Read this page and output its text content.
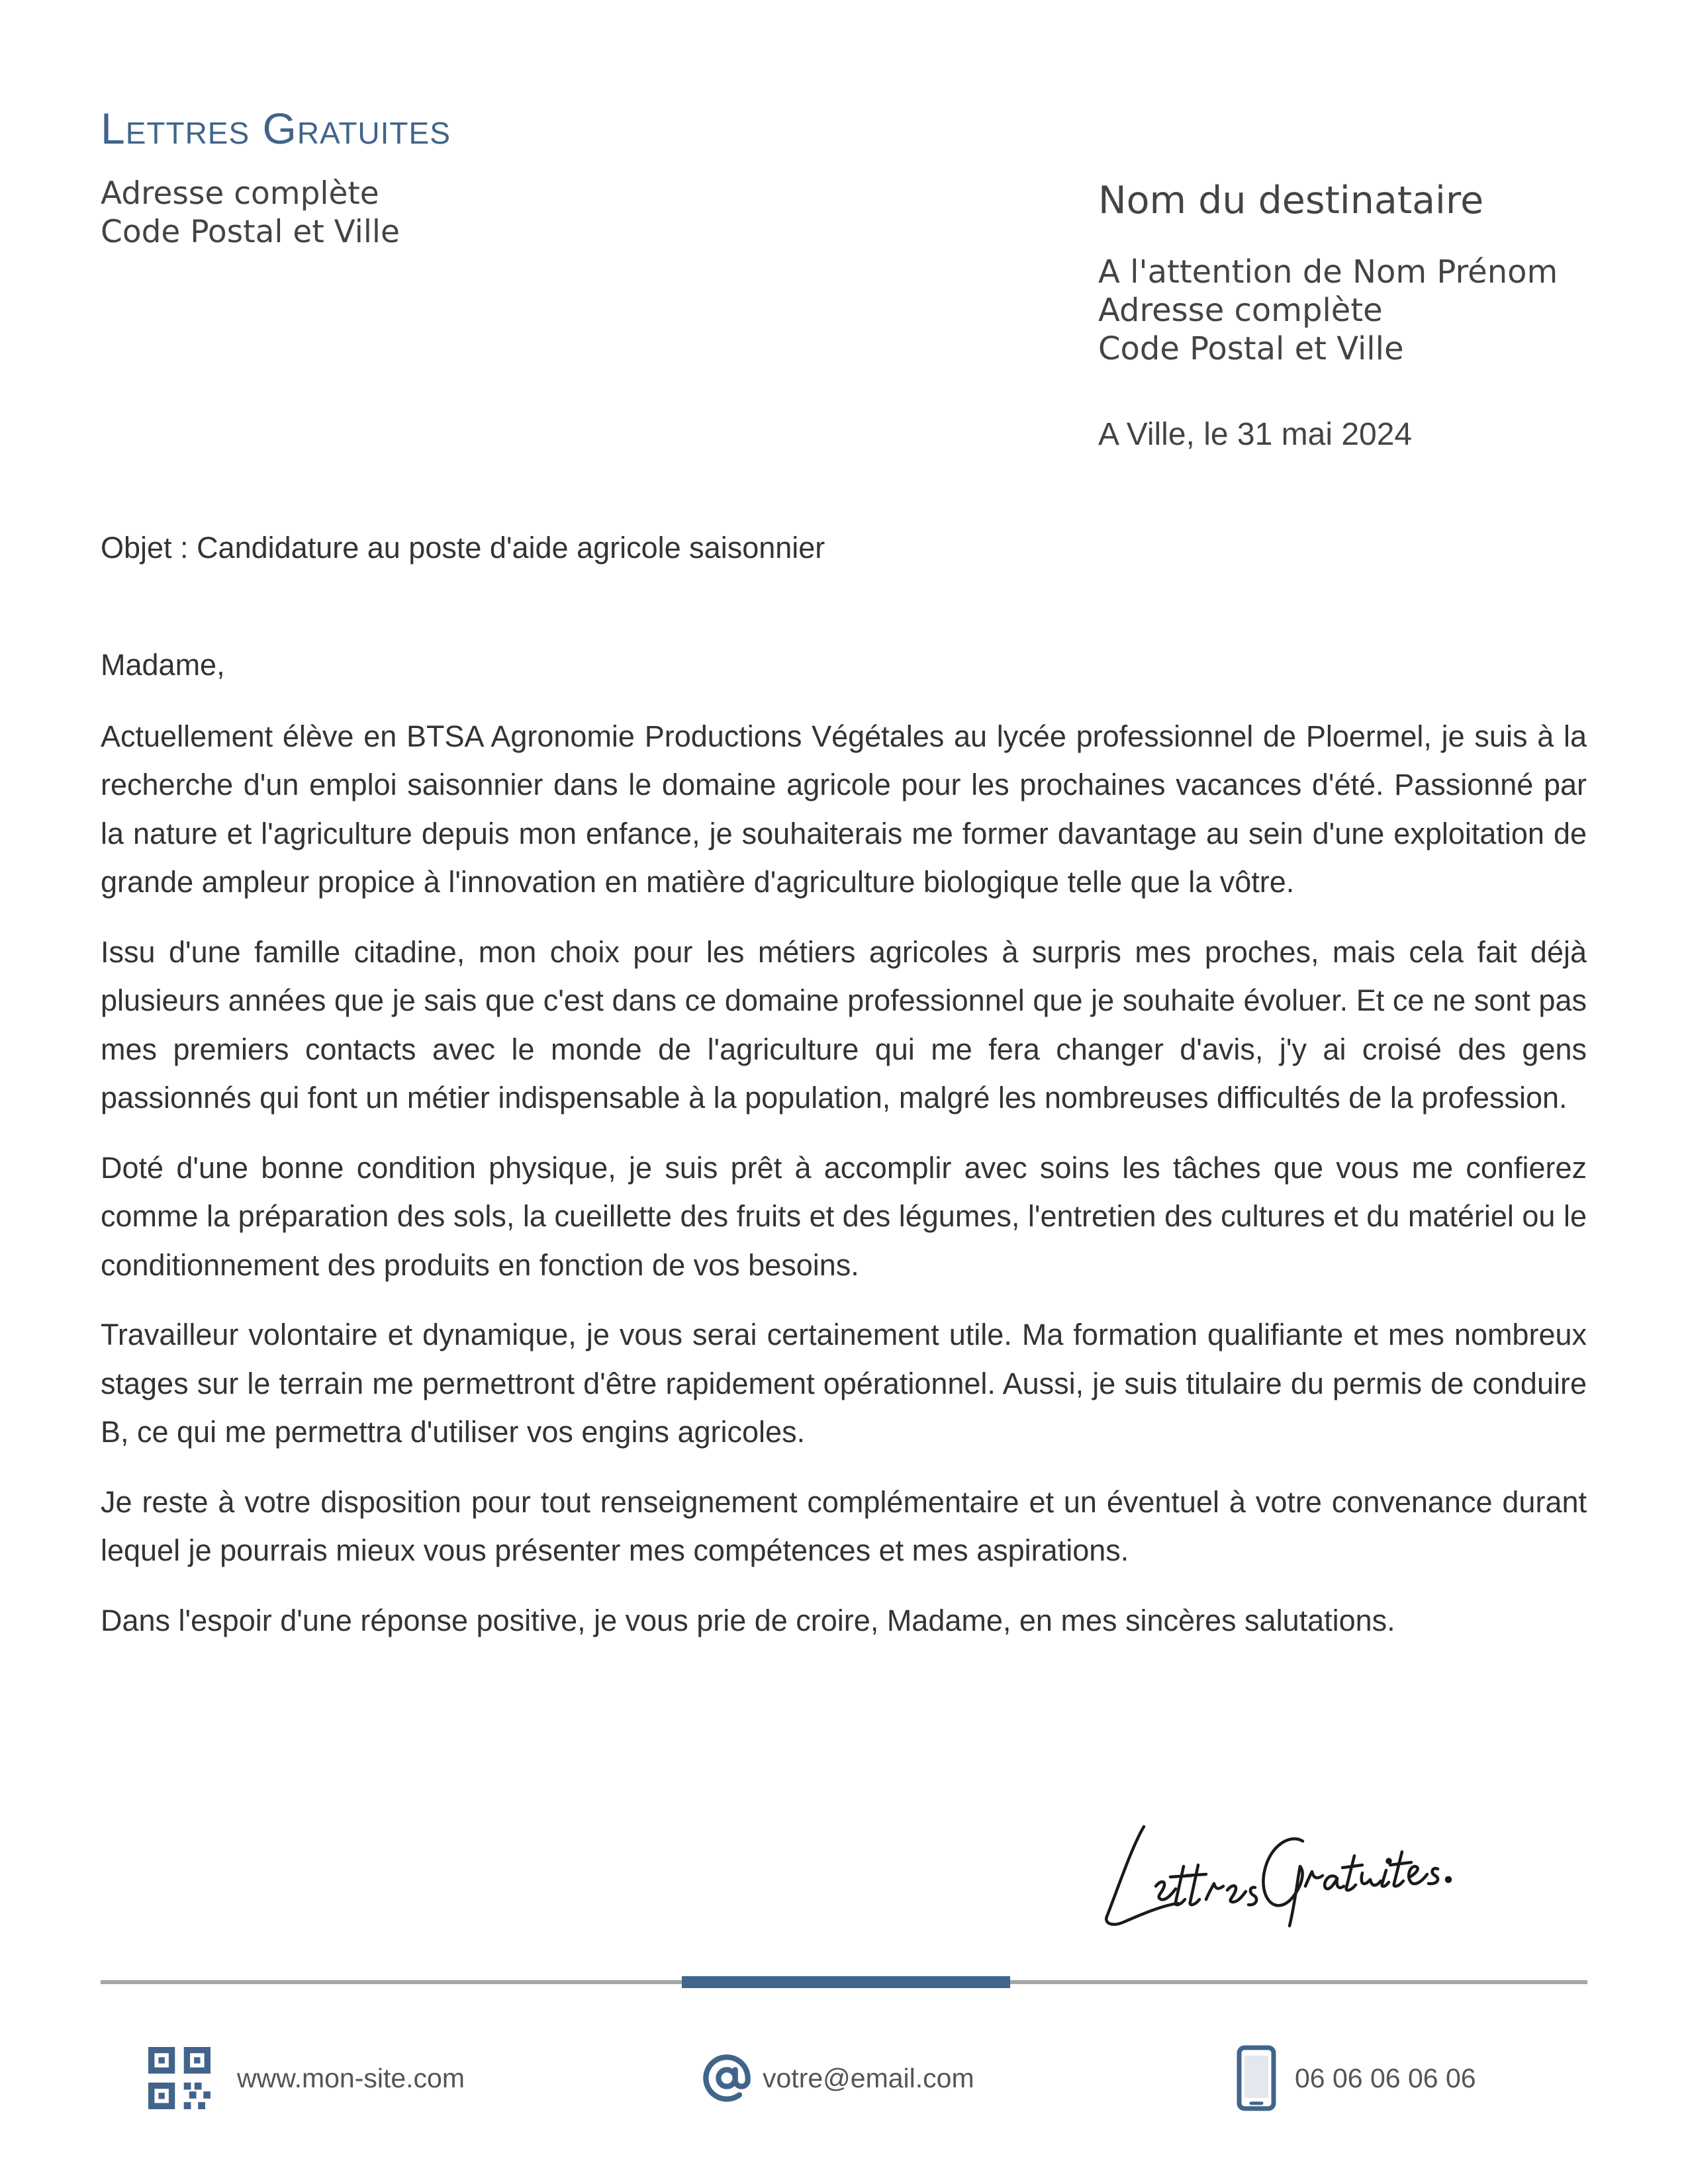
Lettres Gratuites
Adresse complète
Code Postal et Ville
Nom du destinataire
A l'attention de Nom Prénom
Adresse complète
Code Postal et Ville
A Ville, le 31 mai 2024
Objet : Candidature au poste d'aide agricole saisonnier

Madame,

Actuellement élève en BTSA Agronomie Productions Végétales au lycée professionnel de Ploermel, je suis à la recherche d'un emploi saisonnier dans le domaine agricole pour les prochaines vacances d'été. Passionné par la nature et l'agriculture depuis mon enfance, je souhaiterais me former davantage au sein d'une exploitation de grande ampleur propice à l'innovation en matière d'agriculture biologique telle que la vôtre.

Issu d'une famille citadine, mon choix pour les métiers agricoles à surpris mes proches, mais cela fait déjà plusieurs années que je sais que c'est dans ce domaine professionnel que je souhaite évoluer. Et ce ne sont pas mes premiers contacts avec le monde de l'agriculture qui me fera changer d'avis, j'y ai croisé des gens passionnés qui font un métier indispensable à la population, malgré les nombreuses difficultés de la profession.

Doté d'une bonne condition physique, je suis prêt à accomplir avec soins les tâches que vous me confierez comme la préparation des sols, la cueillette des fruits et des légumes, l'entretien des cultures et du matériel ou le conditionnement des produits en fonction de vos besoins.

Travailleur volontaire et dynamique, je vous serai certainement utile. Ma formation qualifiante et mes nombreux stages sur le terrain me permettront d'être rapidement opérationnel. Aussi, je suis titulaire du permis de conduire B, ce qui me permettra d'utiliser vos engins agricoles.

Je reste à votre disposition pour tout renseignement complémentaire et un éventuel à votre convenance durant lequel je pourrais mieux vous présenter mes compétences et mes aspirations.

Dans l'espoir d'une réponse positive, je vous prie de croire, Madame, en mes sincères salutations.

www.mon-site.com	votre@email.com	06 06 06 06 06
